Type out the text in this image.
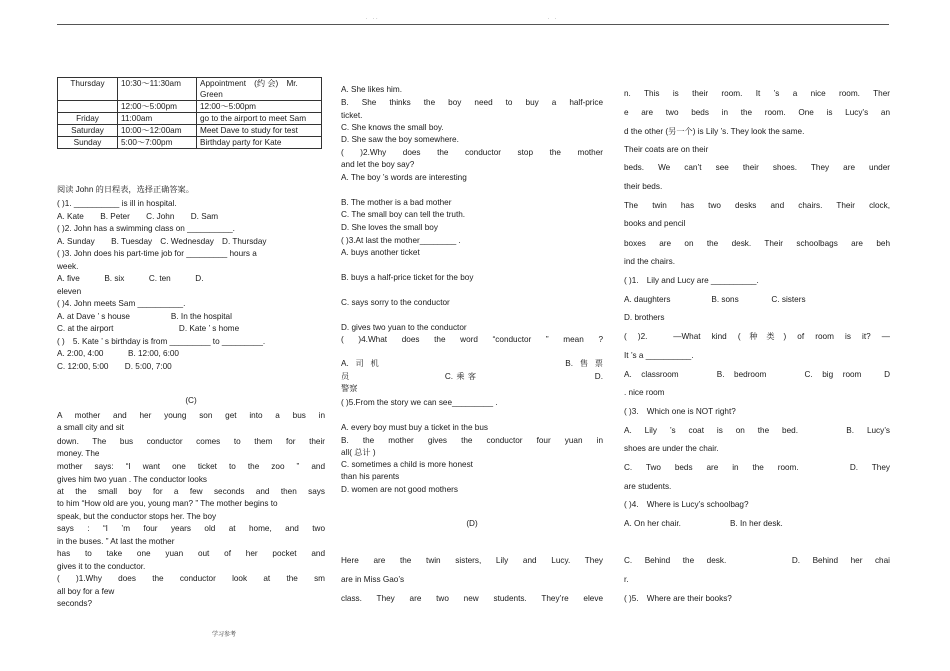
. ..	. .
Thursday	10:30～11:30am	Appointment　(约 会)　Mr. Green
	12:00～5:00pm	12:00～5:00pm
Friday	11:00am	go to the airport to meet Sam
Saturday	10:00～12:00am	Meet Dave to study for test
Sunday	5:00～7:00pm	Birthday party for Kate
阅读 John 的日程表，选择正确答案。
( )1. __________ is ill in hospital.
A. Kate　　B. Peter　　C. John　　D. Sam
( )2. John has a swimming class on __________.
A. Sunday　　B. Tuesday　C. Wednesday　D. Thursday
( )3. John does his part-time job for _________ hours a
week.
A. five　　　B. six　　　C. ten　　　D.
eleven
( )4. John meets Sam __________.
A. at Dave ’ s house　　　　　B. In the hospital
C. at the airport　　　　　　　　D. Kate ’ s home
( )　5. Kate ’ s birthday is from _________ to _________.
A. 2:00, 4:00　　　B. 12:00, 6:00
C. 12:00, 5:00　　D. 5:00, 7:00
(C)
A mother and her young son get into a bus in
a small city and sit
down. The bus conductor comes to them for their
money. The
mother says: “I want one ticket to the zoo ” and
gives him two yuan . The conductor looks
at the small boy for a few seconds and then says
to him “How old are you, young man? ” The mother begins to
speak, but the conductor stops her. The boy
says : “I ’m four years old at home, and two
in the buses. ” At last the mother
has to take one yuan out of her pocket and
gives it to the conductor.
( )1.Why does the conductor look at the sm
all boy for a few
seconds?
A. She likes him.
B. She thinks the boy need to buy a half-price
ticket.
C. She knows the small boy.
D. She saw the boy somewhere.
( )2.Why does the conductor stop the mother
and let the boy say?
A. The boy ’s words are interesting
B. The mother is a bad mother
C. The small boy can tell the truth.
D. She loves the small boy
( )3.At last the mother________ .
A. buys another ticket
B. buys a half-price ticket for the boy
C. says sorry to the conductor
D. gives two yuan to the conductor
( )4.What does the word “conductor ” mean ?
A.司机　　　　　　　　　　　　B.售票
员　　　　　　　　C.乘客　　　　　　　　　　D.
警察
( )5.From the story we can see_________ .
A. every boy must buy a ticket in the bus
B. the mother gives the conductor four yuan in
all( 总计 )
C. sometimes a child is more honest
than his parents
D. women are not good mothers
(D)
Here are the twin sisters, Lily and Lucy. They
are in Miss Gao’s
class. They are two new students. They’re eleve
n. This is their room. It ’s a nice room. Ther
e are two beds in the room. One is Lucy’s an
d the other (另一个) is Lily ’s. They look the same.
Their coats are on their
beds. We can’t see their shoes. They are under
their beds.
The twin has two desks and chairs. Their clock,
books and pencil
boxes are on the desk. Their schoolbags are beh
ind the chairs.
( )1.　Lily and Lucy are __________.
A. daughters　　　　　B. sons　　　　C. sisters
D. brothers
( )2.　—What kind (种类) of room is it? —
It ’s a __________.
A. classroom　　B. bedroom　　C. big room　D
. nice room
( )3.　Which one is NOT right?
A. Lily ’s coat is on the bed.　　B. Lucy’s
shoes are under the chair.
C. Two beds are in the room.　　D. They
are students.
( )4.　Where is Lucy’s schoolbag?
A. On her chair.　　　　　　B. In her desk.
C. Behind the desk.　　　D. Behind her chai
r.
( )5.　Where are their books?
学习参考
